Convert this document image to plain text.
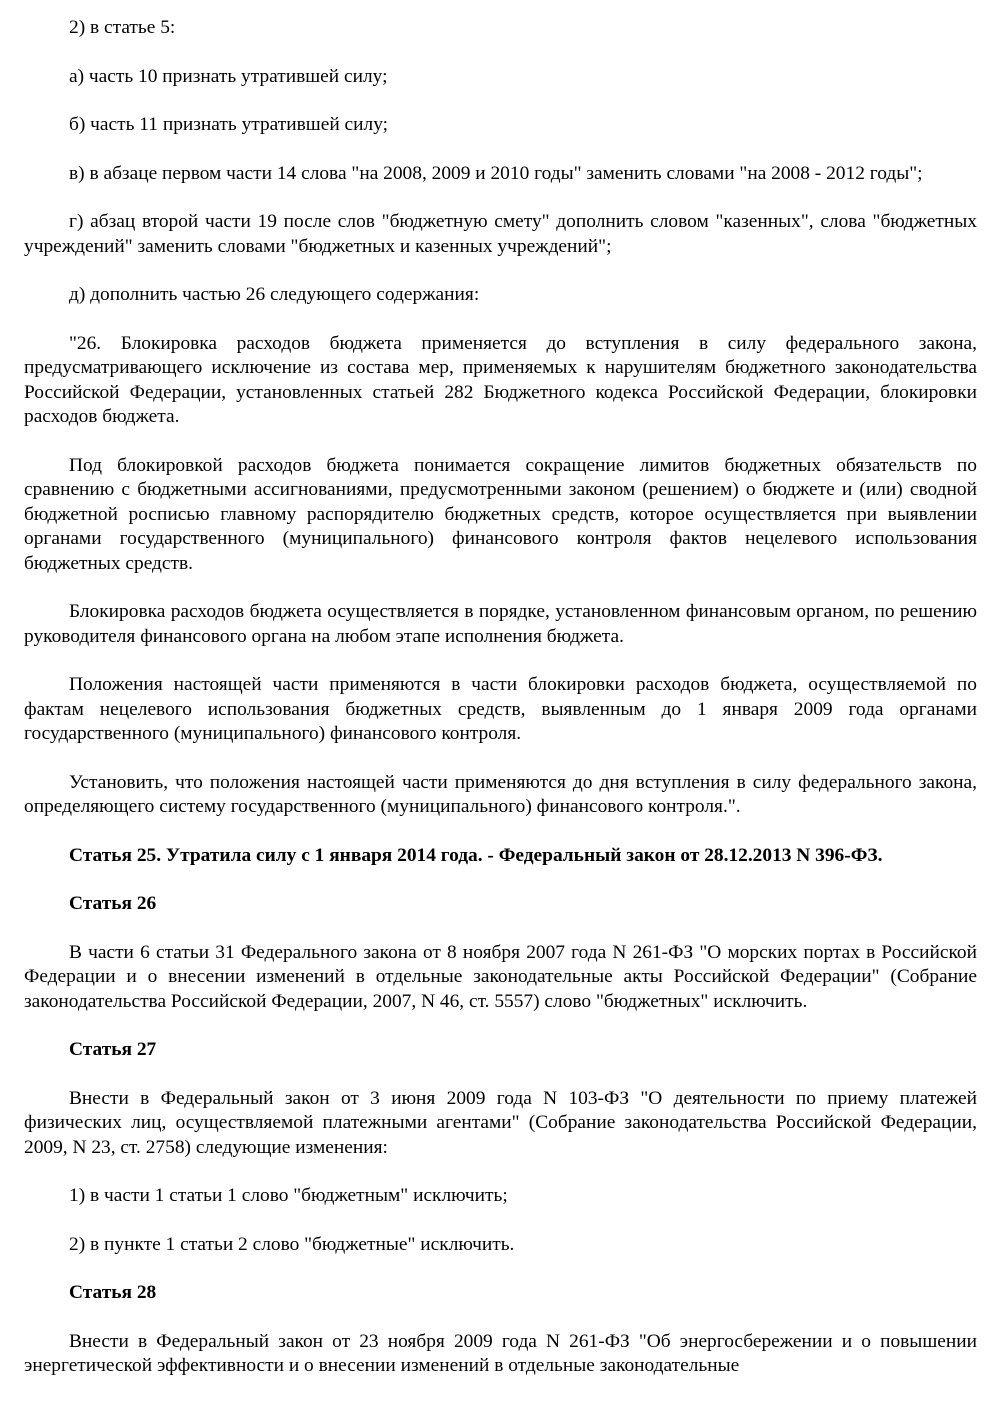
2) в статье 5:

а) часть 10 признать утратившей силу;

б) часть 11 признать утратившей силу;

в) в абзаце первом части 14 слова "на 2008, 2009 и 2010 годы" заменить словами "на 2008 - 2012 годы";

г) абзац второй части 19 после слов "бюджетную смету" дополнить словом "казенных", слова "бюджетных учреждений" заменить словами "бюджетных и казенных учреждений";

д) дополнить частью 26 следующего содержания:

"26. Блокировка расходов бюджета применяется до вступления в силу федерального закона, предусматривающего исключение из состава мер, применяемых к нарушителям бюджетного законодательства Российской Федерации, установленных статьей 282 Бюджетного кодекса Российской Федерации, блокировки расходов бюджета.

Под блокировкой расходов бюджета понимается сокращение лимитов бюджетных обязательств по сравнению с бюджетными ассигнованиями, предусмотренными законом (решением) о бюджете и (или) сводной бюджетной росписью главному распорядителю бюджетных средств, которое осуществляется при выявлении органами государственного (муниципального) финансового контроля фактов нецелевого использования бюджетных средств.

Блокировка расходов бюджета осуществляется в порядке, установленном финансовым органом, по решению руководителя финансового органа на любом этапе исполнения бюджета.

Положения настоящей части применяются в части блокировки расходов бюджета, осуществляемой по фактам нецелевого использования бюджетных средств, выявленным до 1 января 2009 года органами государственного (муниципального) финансового контроля.

Установить, что положения настоящей части применяются до дня вступления в силу федерального закона, определяющего систему государственного (муниципального) финансового контроля.".

Статья 25. Утратила силу с 1 января 2014 года. - Федеральный закон от 28.12.2013 N 396-ФЗ.

Статья 26

В части 6 статьи 31 Федерального закона от 8 ноября 2007 года N 261-ФЗ "О морских портах в Российской Федерации и о внесении изменений в отдельные законодательные акты Российской Федерации" (Собрание законодательства Российской Федерации, 2007, N 46, ст. 5557) слово "бюджетных" исключить.

Статья 27

Внести в Федеральный закон от 3 июня 2009 года N 103-ФЗ "О деятельности по приему платежей физических лиц, осуществляемой платежными агентами" (Собрание законодательства Российской Федерации, 2009, N 23, ст. 2758) следующие изменения:

1) в части 1 статьи 1 слово "бюджетным" исключить;

2) в пункте 1 статьи 2 слово "бюджетные" исключить.

Статья 28

Внести в Федеральный закон от 23 ноября 2009 года N 261-ФЗ "Об энергосбережении и о повышении энергетической эффективности и о внесении изменений в отдельные законодательные
